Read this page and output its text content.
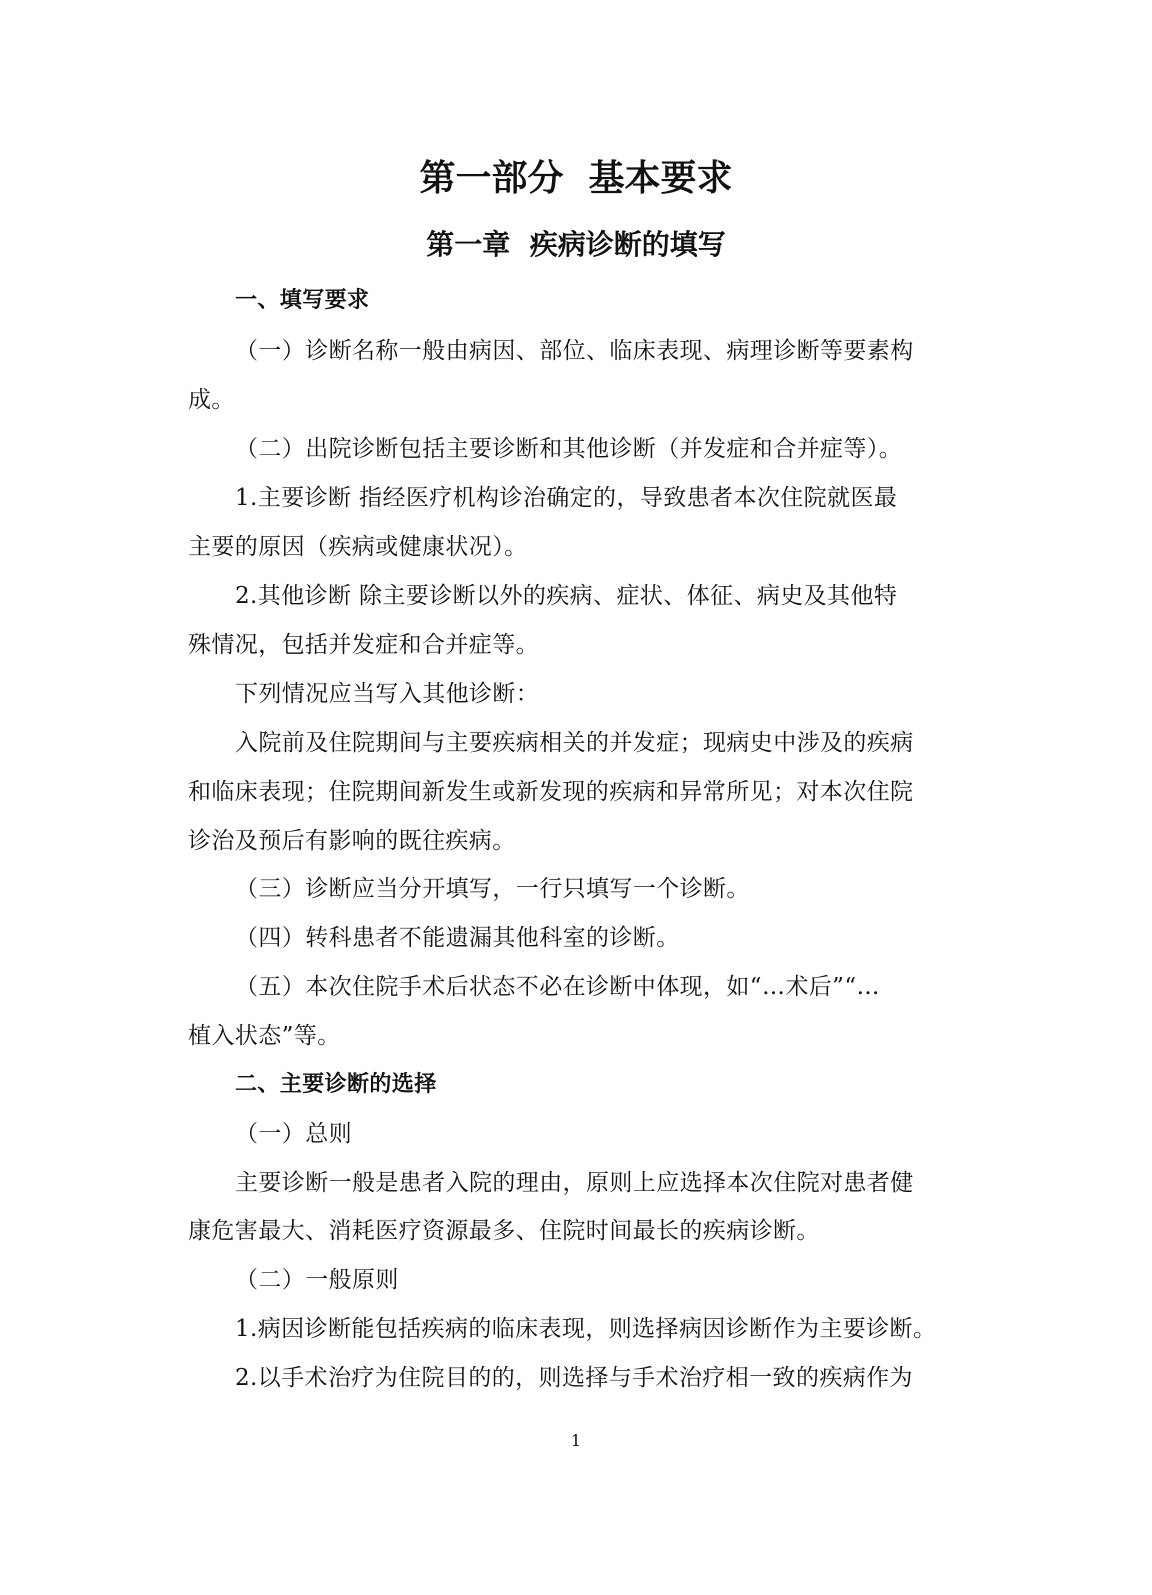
第一部分  基本要求
第一章  疾病诊断的填写
一、填写要求
（一）诊断名称一般由病因、部位、临床表现、病理诊断等要素构
成。
（二）出院诊断包括主要诊断和其他诊断（并发症和合并症等）。
1.主要诊断 指经医疗机构诊治确定的，导致患者本次住院就医最
主要的原因（疾病或健康状况）。
2.其他诊断 除主要诊断以外的疾病、症状、体征、病史及其他特
殊情况，包括并发症和合并症等。
下列情况应当写入其他诊断：
入院前及住院期间与主要疾病相关的并发症；现病史中涉及的疾病
和临床表现；住院期间新发生或新发现的疾病和异常所见；对本次住院
诊治及预后有影响的既往疾病。
（三）诊断应当分开填写，一行只填写一个诊断。
（四）转科患者不能遗漏其他科室的诊断。
（五）本次住院手术后状态不必在诊断中体现，如“…术后”“…
植入状态”等。
二、主要诊断的选择
（一）总则
主要诊断一般是患者入院的理由，原则上应选择本次住院对患者健
康危害最大、消耗医疗资源最多、住院时间最长的疾病诊断。
（二）一般原则
1.病因诊断能包括疾病的临床表现，则选择病因诊断作为主要诊断。
2.以手术治疗为住院目的的，则选择与手术治疗相一致的疾病作为
1
